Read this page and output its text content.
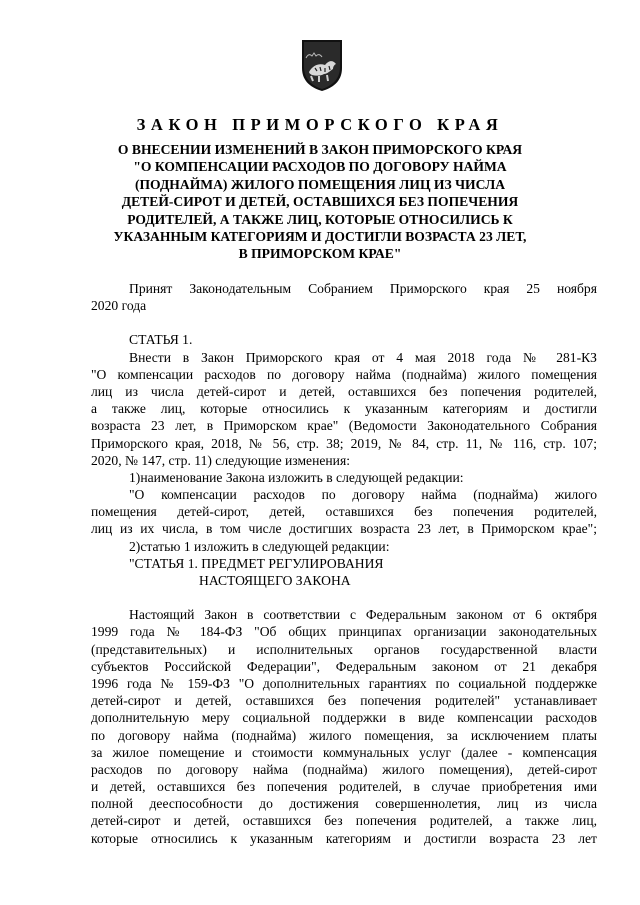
ЗАКОН ПРИМОРСКОГО КРАЯ
О ВНЕСЕНИИ ИЗМЕНЕНИЙ В ЗАКОН ПРИМОРСКОГО КРАЯ
"О КОМПЕНСАЦИИ РАСХОДОВ ПО ДОГОВОРУ НАЙМА
(ПОДНАЙМА) ЖИЛОГО ПОМЕЩЕНИЯ ЛИЦ ИЗ ЧИСЛА
ДЕТЕЙ-СИРОТ И ДЕТЕЙ, ОСТАВШИХСЯ БЕЗ ПОПЕЧЕНИЯ
РОДИТЕЛЕЙ, А ТАКЖЕ ЛИЦ, КОТОРЫЕ ОТНОСИЛИСЬ К
УКАЗАННЫМ КАТЕГОРИЯМ И ДОСТИГЛИ ВОЗРАСТА 23 ЛЕТ,
В ПРИМОРСКОМ КРАЕ"
Принят Законодательным Собранием Приморского края 25 ноября
2020 года
СТАТЬЯ 1.
Внести в Закон Приморского края от 4 мая 2018 года № 281-КЗ
"О компенсации расходов по договору найма (поднайма) жилого помещения
лиц из числа детей-сирот и детей, оставшихся без попечения родителей,
а также лиц, которые относились к указанным категориям и достигли
возраста 23 лет, в Приморском крае" (Ведомости Законодательного Собрания
Приморского края, 2018, № 56, стр. 38; 2019, № 84, стр. 11, № 116, стр. 107;
2020, № 147, стр. 11) следующие изменения:
1)наименование Закона изложить в следующей редакции:
"О компенсации расходов по договору найма (поднайма) жилого
помещения детей-сирот, детей, оставшихся без попечения родителей,
лиц из их числа, в том числе достигших возраста 23 лет, в Приморском крае";
2)статью 1 изложить в следующей редакции:
"СТАТЬЯ 1. ПРЕДМЕТ РЕГУЛИРОВАНИЯ
НАСТОЯЩЕГО ЗАКОНА
Настоящий Закон в соответствии с Федеральным законом от 6 октября
1999 года № 184-ФЗ "Об общих принципах организации законодательных
(представительных) и исполнительных органов государственной власти
субъектов Российской Федерации", Федеральным законом от 21 декабря
1996 года № 159-ФЗ "О дополнительных гарантиях по социальной поддержке
детей-сирот и детей, оставшихся без попечения родителей" устанавливает
дополнительную меру социальной поддержки в виде компенсации расходов
по договору найма (поднайма) жилого помещения, за исключением платы
за жилое помещение и стоимости коммунальных услуг (далее - компенсация
расходов по договору найма (поднайма) жилого помещения), детей-сирот
и детей, оставшихся без попечения родителей, в случае приобретения ими
полной дееспособности до достижения совершеннолетия, лиц из числа
детей-сирот и детей, оставшихся без попечения родителей, а также лиц,
которые относились к указанным категориям и достигли возраста 23 лет
